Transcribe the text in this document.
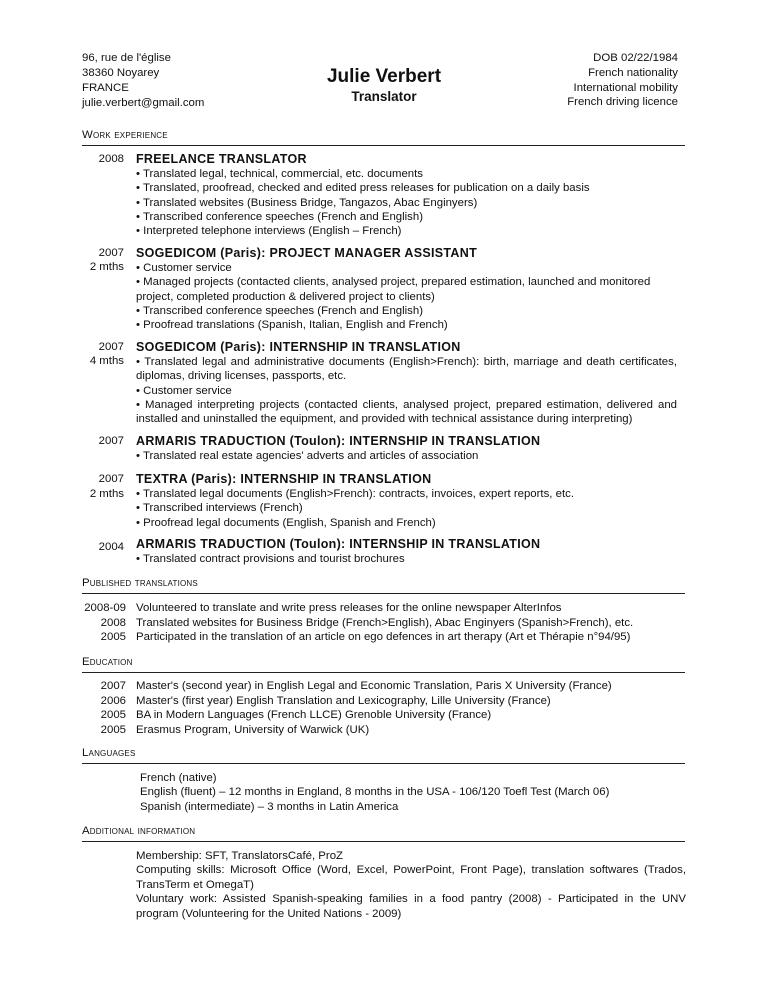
96, rue de l'église
38360 Noyarey
FRANCE
julie.verbert@gmail.com
Julie Verbert
Translator
DOB 02/22/1984
French nationality
International mobility
French driving licence
Work experience
2008 FREELANCE TRANSLATOR
• Translated legal, technical, commercial, etc. documents
• Translated, proofread, checked and edited press releases for publication on a daily basis
• Translated websites (Business Bridge, Tangazos, Abac Enginyers)
• Transcribed conference speeches (French and English)
• Interpreted telephone interviews (English – French)
2007
2 mths
SOGEDICOM (Paris): PROJECT MANAGER ASSISTANT
• Customer service
• Managed projects (contacted clients, analysed project, prepared estimation, launched and monitored project, completed production & delivered project to clients)
• Transcribed conference speeches (French and English)
• Proofread translations (Spanish, Italian, English and French)
2007
4 mths
SOGEDICOM (Paris): INTERNSHIP IN TRANSLATION
• Translated legal and administrative documents (English>French): birth, marriage and death certificates, diplomas, driving licenses, passports, etc.
• Customer service
• Managed interpreting projects (contacted clients, analysed project, prepared estimation, delivered and installed and uninstalled the equipment, and provided with technical assistance during interpreting)
2007 ARMARIS TRADUCTION (Toulon): INTERNSHIP IN TRANSLATION
• Translated real estate agencies' adverts and articles of association
2007
2 mths
TEXTRA (Paris): INTERNSHIP IN TRANSLATION
• Translated legal documents (English>French): contracts, invoices, expert reports, etc.
• Transcribed interviews (French)
• Proofread legal documents (English, Spanish and French)
2004 ARMARIS TRADUCTION (Toulon): INTERNSHIP IN TRANSLATION
• Translated contract provisions and tourist brochures
Published translations
2008-09 Volunteered to translate and write press releases for the online newspaper AlterInfos
2008 Translated websites for Business Bridge (French>English), Abac Enginyers (Spanish>French), etc.
2005 Participated in the translation of an article on ego defences in art therapy (Art et Thérapie n°94/95)
Education
2007 Master's (second year) in English Legal and Economic Translation, Paris X University (France)
2006 Master's (first year) English Translation and Lexicography, Lille University (France)
2005 BA in Modern Languages (French LLCE) Grenoble University (France)
2005 Erasmus Program, University of Warwick (UK)
Languages
French (native)
English (fluent) – 12 months in England, 8 months in the USA - 106/120 Toefl Test (March 06)
Spanish (intermediate) – 3 months in Latin America
Additional information
Membership: SFT, TranslatorsCafé, ProZ
Computing skills: Microsoft Office (Word, Excel, PowerPoint, Front Page), translation softwares (Trados, TransTerm et OmegaT)
Voluntary work: Assisted Spanish-speaking families in a food pantry (2008) - Participated in the UNV program (Volunteering for the United Nations - 2009)
